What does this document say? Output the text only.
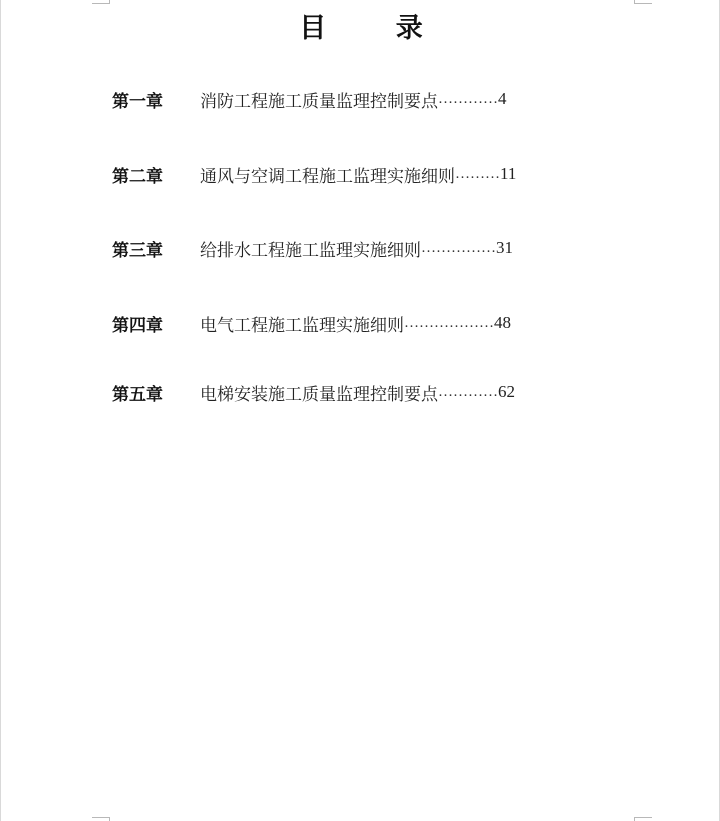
目 录
第一章	消防工程施工质量监理控制要点 ………… 4
第二章	通风与空调工程施工监理实施细则 ……… 11
第三章	给排水工程施工监理实施细则 …………… 31
第四章	电气工程施工监理实施细则 ……………… 48
第五章	电梯安装施工质量监理控制要点 ………… 62
